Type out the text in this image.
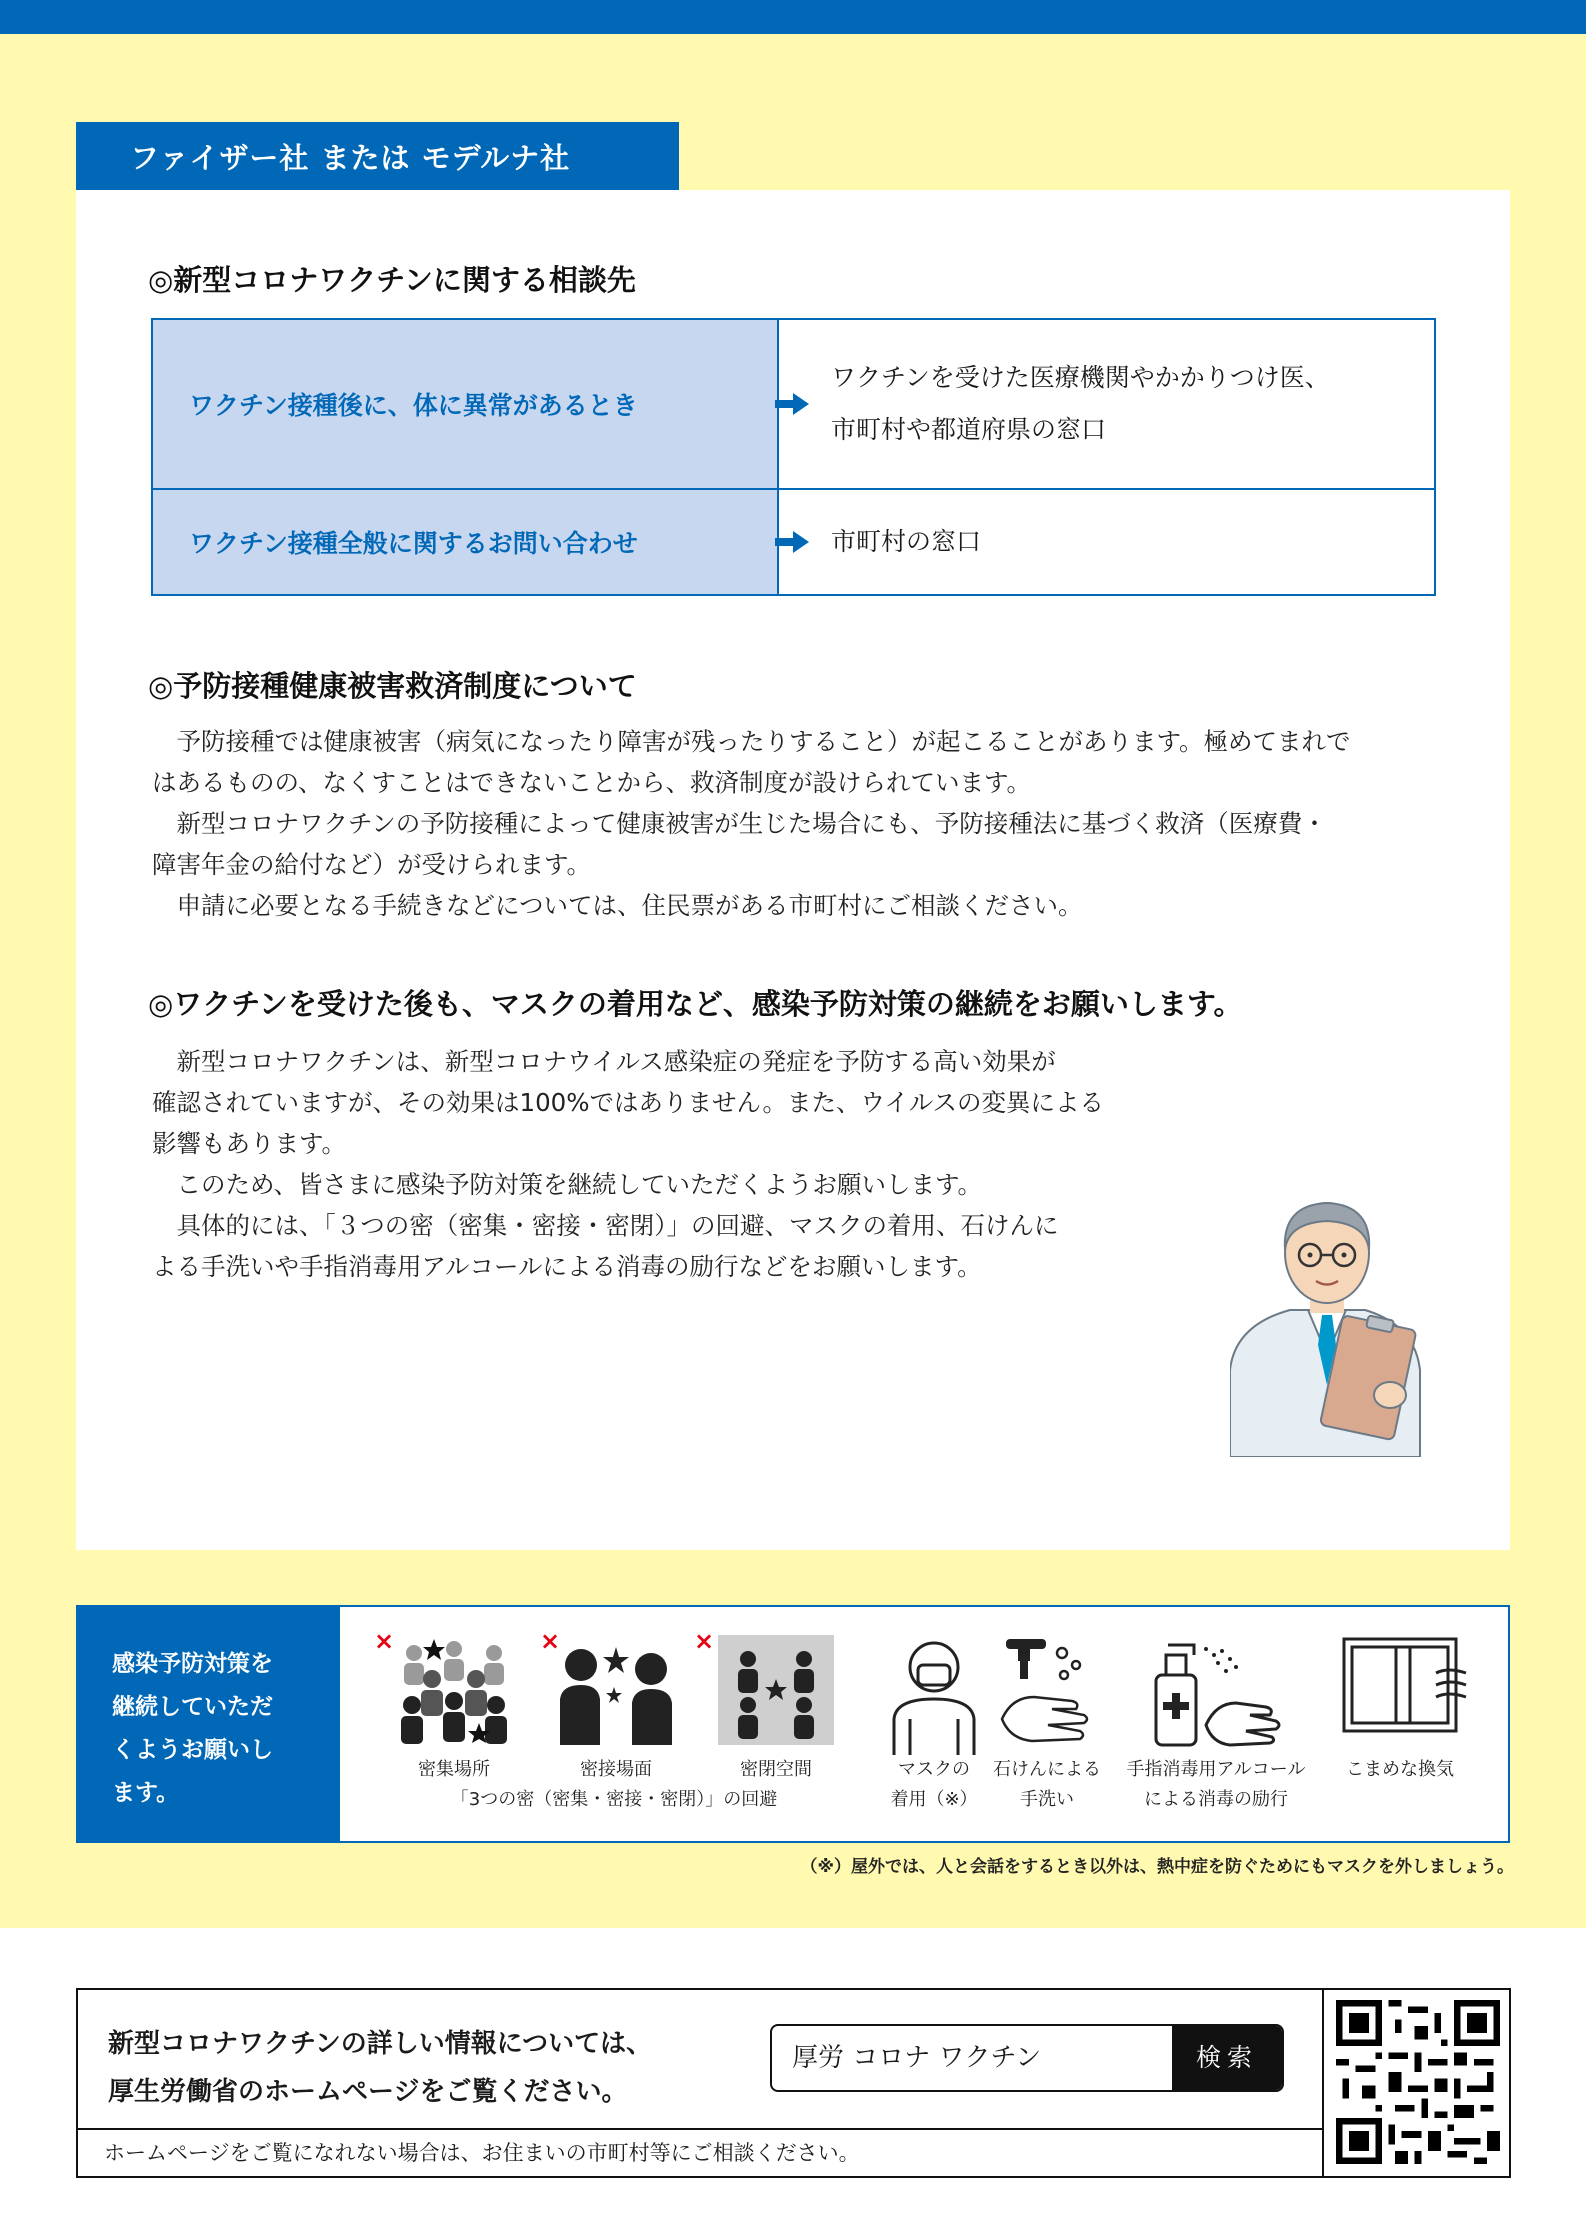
ファイザー社 または モデルナ社
◎新型コロナワクチンに関する相談先
ワクチン接種後に、体に異常があるとき
ワクチンを受けた医療機関やかかりつけ医、
市町村や都道府県の窓口
ワクチン接種全般に関するお問い合わせ	市町村の窓口
◎予防接種健康被害救済制度について
　予防接種では健康被害（病気になったり障害が残ったりすること）が起こることがあります。極めてまれで
はあるものの、なくすことはできないことから、救済制度が設けられています。
　新型コロナワクチンの予防接種によって健康被害が生じた場合にも、予防接種法に基づく救済（医療費・
障害年金の給付など）が受けられます。
　申請に必要となる手続きなどについては、住民票がある市町村にご相談ください。
◎ワクチンを受けた後も、マスクの着用など、感染予防対策の継続をお願いします。
　新型コロナワクチンは、新型コロナウイルス感染症の発症を予防する高い効果が
確認されていますが、その効果は100%ではありません。また、ウイルスの変異による
影響もあります。
　このため、皆さまに感染予防対策を継続していただくようお願いします。
　具体的には、「３つの密（密集・密接・密閉）」の回避、マスクの着用、石けんに
よる手洗いや手指消毒用アルコールによる消毒の励行などをお願いします。
感染予防対策を
継続していただ
くようお願いし
ます。
×
密集場所
×
密接場面
×
密閉空間
「3つの密（密集・密接・密閉）」の回避
マスクの
着用（※）
石けんによる
手洗い
手指消毒用アルコール
による消毒の励行
こまめな換気
（※）屋外では、人と会話をするとき以外は、熱中症を防ぐためにもマスクを外しましょう。
新型コロナワクチンの詳しい情報については、
厚生労働省のホームページをご覧ください。
厚労 コロナ ワクチン	検索
ホームページをご覧になれない場合は、お住まいの市町村等にご相談ください。
